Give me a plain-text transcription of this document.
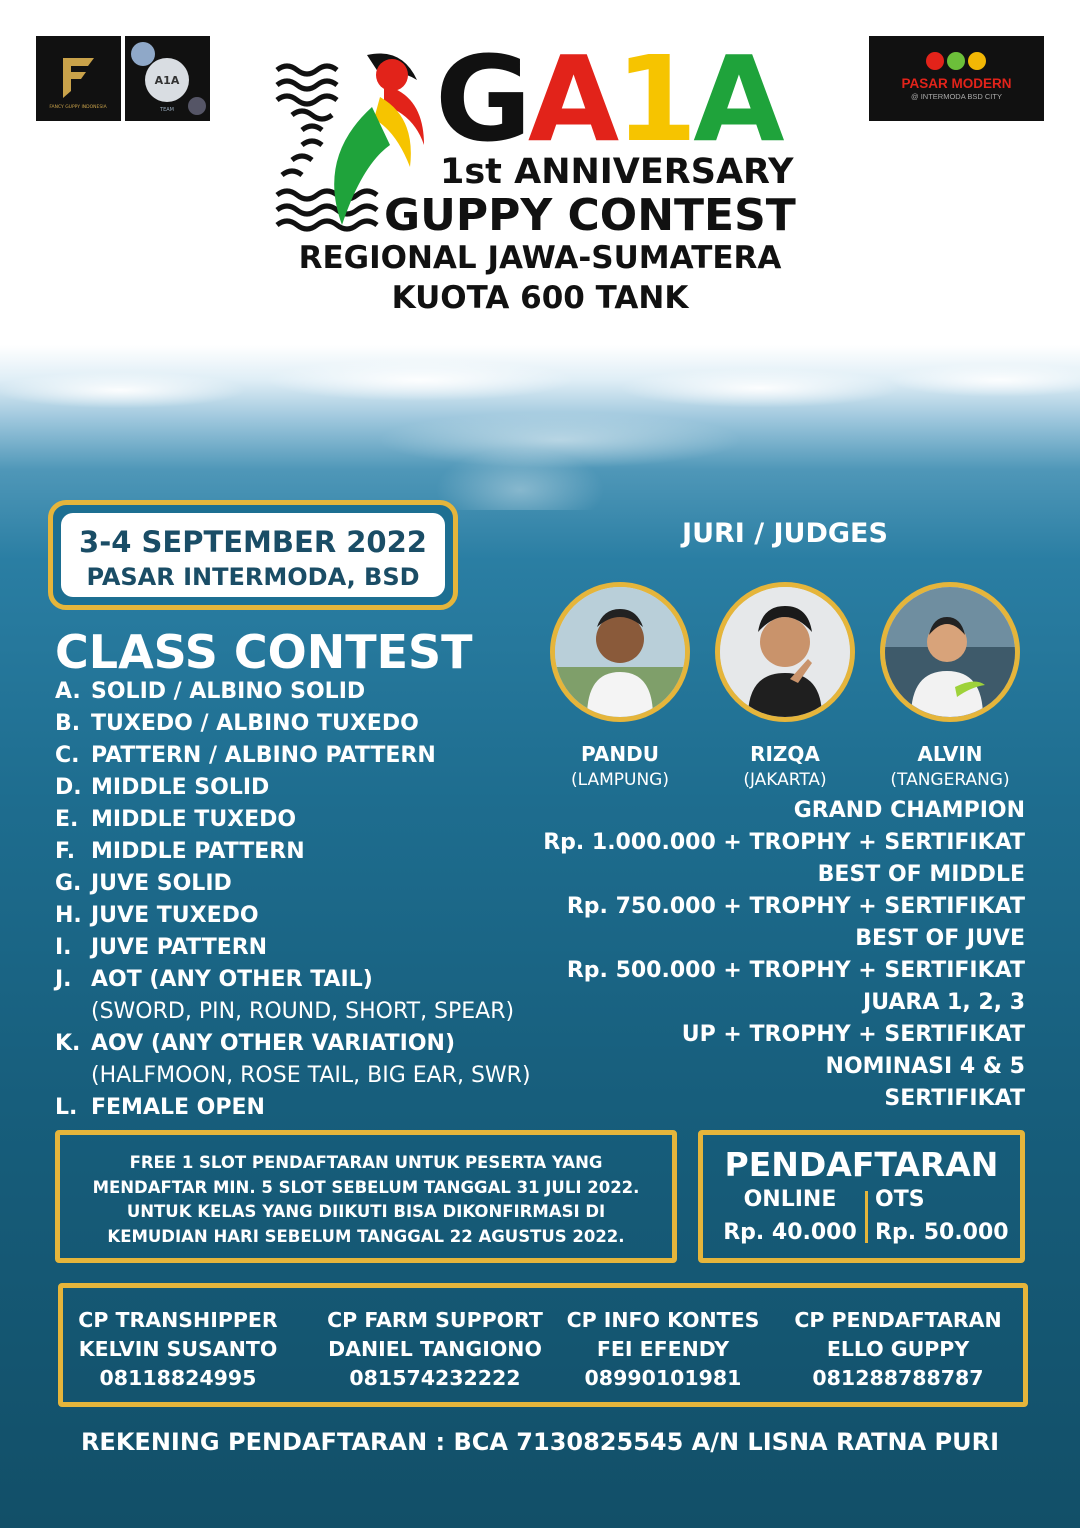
FANCY GUPPY INDONESIA
A1A
TEAM
PASAR MODERN
@ INTERMODA BSD CITY
GA1A
1st ANNIVERSARY
GUPPY CONTEST
REGIONAL JAWA-SUMATERA
KUOTA 600 TANK
3-4 SEPTEMBER 2022
PASAR INTERMODA, BSD
CLASS CONTEST
A. SOLID / ALBINO SOLID
B. TUXEDO / ALBINO TUXEDO
C. PATTERN / ALBINO PATTERN
D. MIDDLE SOLID
E. MIDDLE TUXEDO
F. MIDDLE PATTERN
G. JUVE SOLID
H. JUVE TUXEDO
I. JUVE PATTERN
J. AOT (ANY OTHER TAIL)
(SWORD, PIN, ROUND, SHORT, SPEAR)
K. AOV (ANY OTHER VARIATION)
(HALFMOON, ROSE TAIL, BIG EAR, SWR)
L. FEMALE OPEN
JURI / JUDGES
PANDU
(LAMPUNG)
RIZQA
(JAKARTA)
ALVIN
(TANGERANG)
GRAND CHAMPION
Rp. 1.000.000 + TROPHY + SERTIFIKAT
BEST OF MIDDLE
Rp. 750.000 + TROPHY + SERTIFIKAT
BEST OF JUVE
Rp. 500.000 + TROPHY + SERTIFIKAT
JUARA 1, 2, 3
UP + TROPHY + SERTIFIKAT
NOMINASI 4 & 5
SERTIFIKAT
FREE 1 SLOT PENDAFTARAN UNTUK PESERTA YANG
MENDAFTAR MIN. 5 SLOT SEBELUM TANGGAL 31 JULI 2022.
UNTUK KELAS YANG DIIKUTI BISA DIKONFIRMASI DI
KEMUDIAN HARI SEBELUM TANGGAL 22 AGUSTUS 2022.
PENDAFTARAN
ONLINE
Rp. 40.000
OTS
Rp. 50.000
CP TRANSHIPPER
KELVIN SUSANTO
08118824995
CP FARM SUPPORT
DANIEL TANGIONO
081574232222
CP INFO KONTES
FEI EFENDY
08990101981
CP PENDAFTARAN
ELLO GUPPY
081288788787
REKENING PENDAFTARAN : BCA 7130825545 A/N LISNA RATNA PURI
